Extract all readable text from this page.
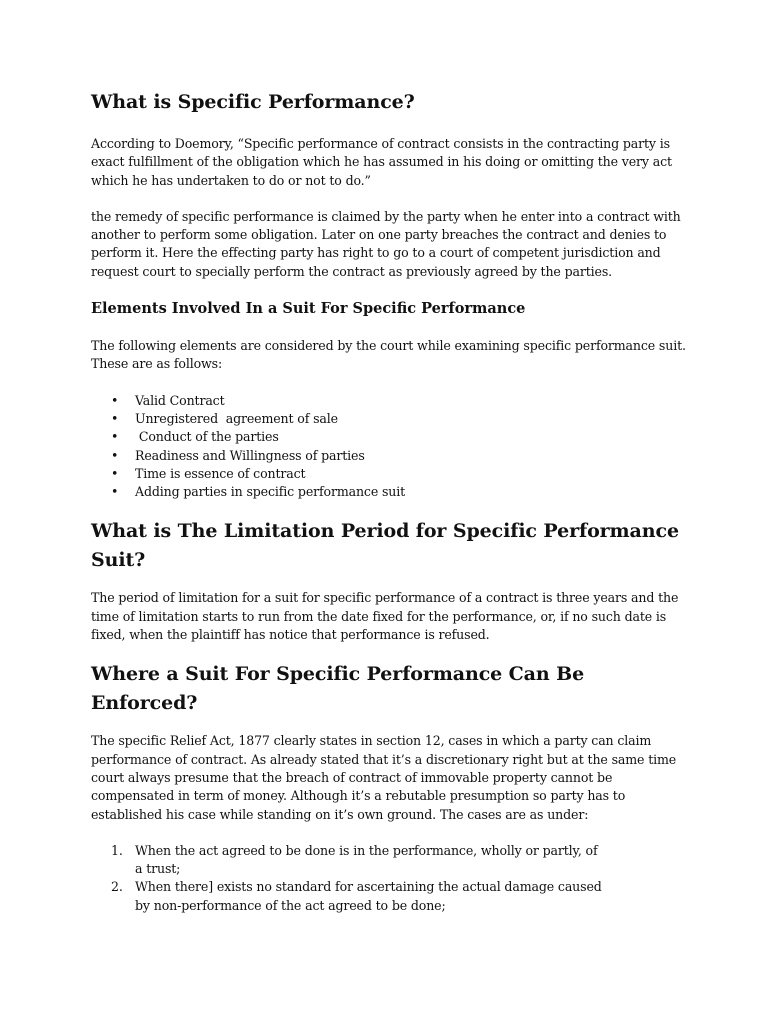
What is Specific Performance?

According to Doemory, “Specific performance of contract consists in the contracting party is exact fulfillment of the obligation which he has assumed in his doing or omitting the very act which he has undertaken to do or not to do.”

the remedy of specific performance is claimed by the party when he enter into a contract with another to perform some obligation. Later on one party breaches the contract and denies to perform it. Here the effecting party has right to go to a court of competent jurisdiction and request court to specially perform the contract as previously agreed by the parties.

Elements Involved In a Suit For Specific Performance

The following elements are considered by the court while examining specific performance suit. These are as follows:

• Valid Contract
• Unregistered  agreement of sale
• Conduct of the parties
• Readiness and Willingness of parties
• Time is essence of contract
• Adding parties in specific performance suit
What is The Limitation Period for Specific Performance Suit?

The period of limitation for a suit for specific performance of a contract is three years and the time of limitation starts to run from the date fixed for the performance, or, if no such date is fixed, when the plaintiff has notice that performance is refused.

Where a Suit For Specific Performance Can Be Enforced?

The specific Relief Act, 1877 clearly states in section 12, cases in which a party can claim performance of contract. As already stated that it’s a discretionary right but at the same time court always presume that the breach of contract of immovable property cannot be compensated in term of money. Although it’s a rebutable presumption so party has to established his case while standing on it’s own ground. The cases are as under:

1. When the act agreed to be done is in the performance, wholly or partly, of
a trust;
2. When there] exists no standard for ascertaining the actual damage caused
by non-performance of the act agreed to be done;
